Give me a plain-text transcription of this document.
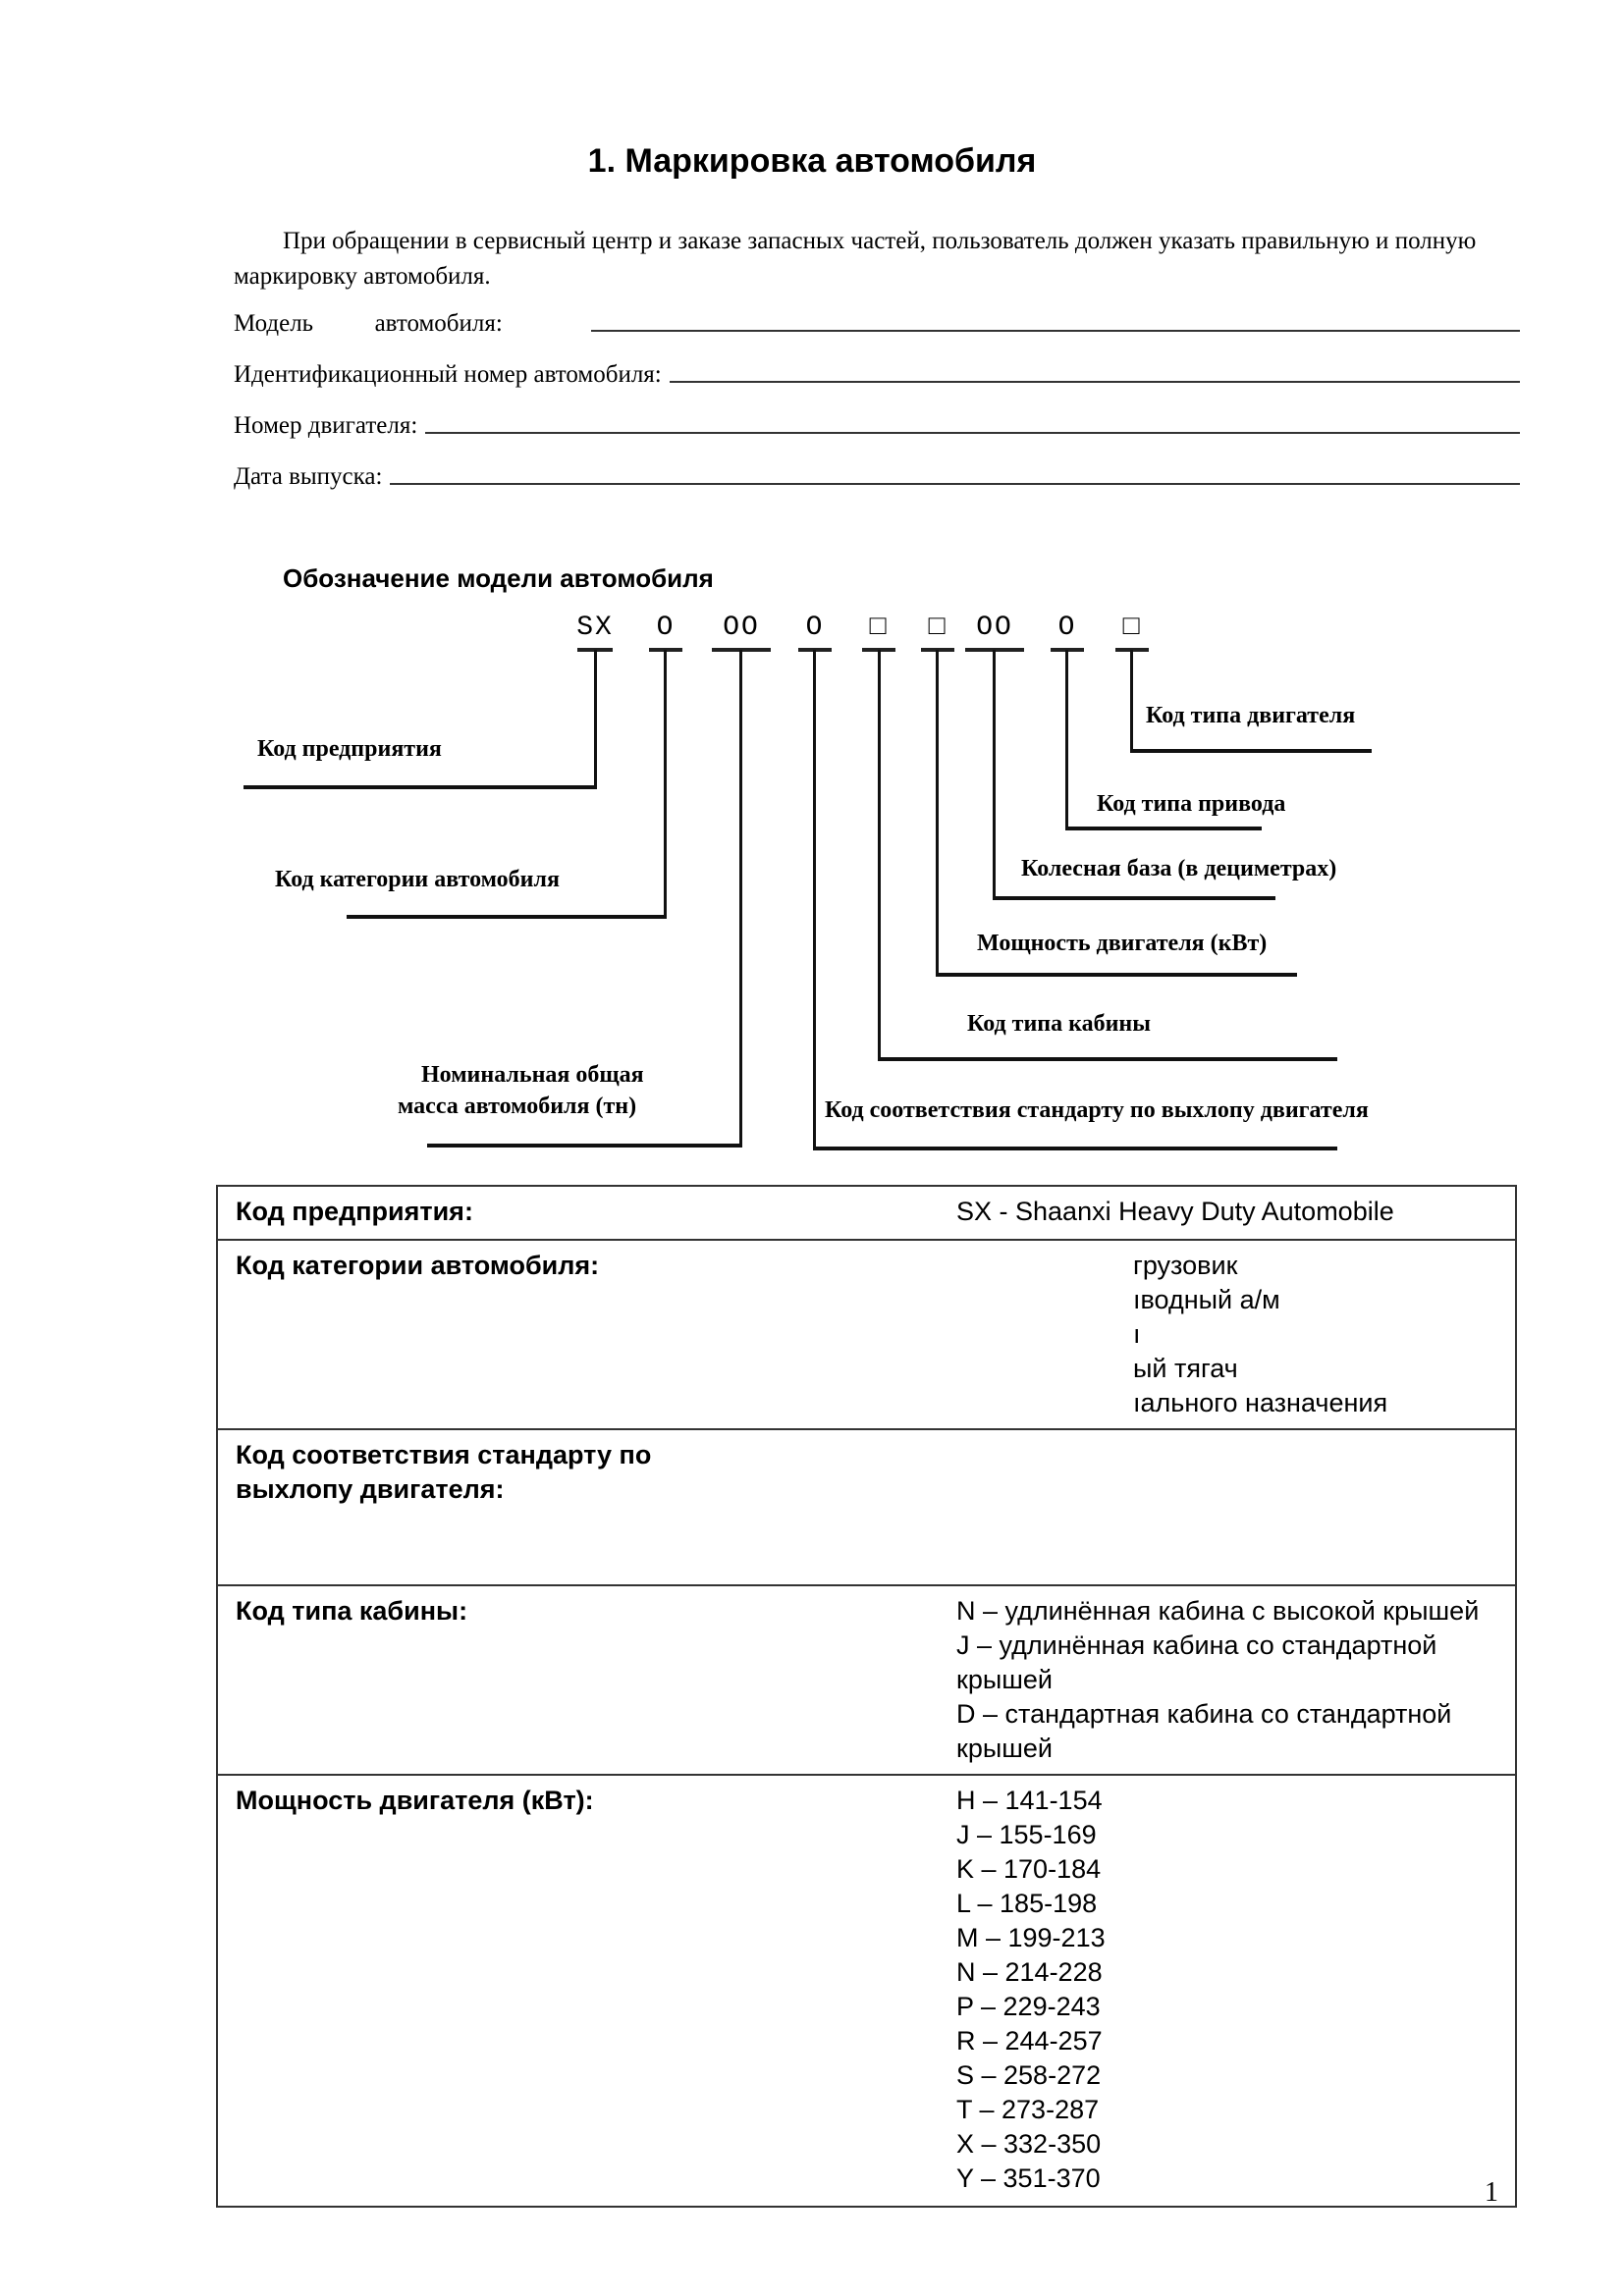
1. Маркировка автомобиля
При обращении в сервисный центр и заказе запасных частей, пользователь должен указать правильную и полную маркировку автомобиля.
Модель          автомобиля:
Идентификационный номер автомобиля:
Номер двигателя:
Дата выпуска:
Обозначение модели автомобиля
SX O OO O □ □ OO O □
Код предприятия
Код категории автомобиля
Номинальная общая
масса автомобиля (тн)	Код соответствия стандарту по выхлопу двигателя
Код типа кабины
Мощность двигателя (кВт)
Колесная база (в дециметрах)
Код типа привода
Код типа двигателя
Код предприятия:	SX - Shaanxi Heavy Duty Automobile

Код категории автомобиля:	грузовик
ıводный а/м
ı
ый тягач
ıального назначения

Код соответствия стандарту по выхлопу двигателя:	
Код типа кабины:	N – удлинённая кабина с высокой крышей
J – удлинённая кабина со стандартной крышей
D – стандартная кабина со стандартной крышей

Мощность двигателя (кВт):	H – 141-154
J – 155-169
K – 170-184
L – 185-198
M – 199-213
N – 214-228
P – 229-243
R – 244-257
S – 258-272
T – 273-287
X – 332-350
Y – 351-370	1
